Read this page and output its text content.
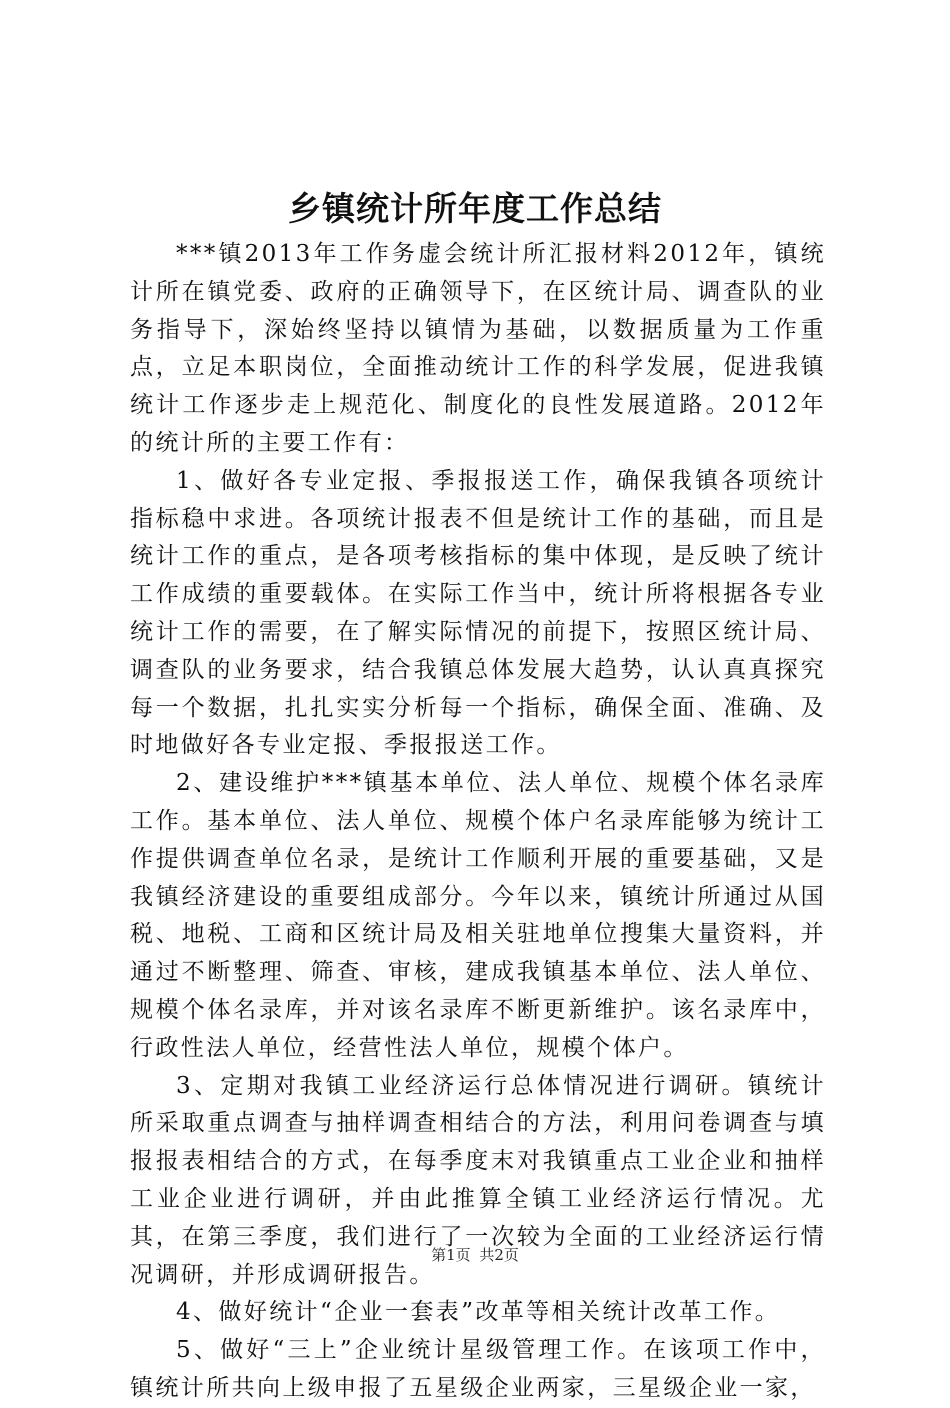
乡镇统计所年度工作总结

***镇2013年工作务虚会统计所汇报材料2012年，镇统计所在镇党委、政府的正确领导下，在区统计局、调查队的业务指导下，深始终坚持以镇情为基础，以数据质量为工作重点，立足本职岗位，全面推动统计工作的科学发展，促进我镇统计工作逐步走上规范化、制度化的良性发展道路。2012年的统计所的主要工作有：

1、做好各专业定报、季报报送工作，确保我镇各项统计指标稳中求进。各项统计报表不但是统计工作的基础，而且是统计工作的重点，是各项考核指标的集中体现，是反映了统计工作成绩的重要载体。在实际工作当中，统计所将根据各专业统计工作的需要，在了解实际情况的前提下，按照区统计局、调查队的业务要求，结合我镇总体发展大趋势，认认真真探究每一个数据，扎扎实实分析每一个指标，确保全面、准确、及时地做好各专业定报、季报报送工作。

2、建设维护***镇基本单位、法人单位、规模个体名录库工作。基本单位、法人单位、规模个体户名录库能够为统计工作提供调查单位名录，是统计工作顺利开展的重要基础，又是我镇经济建设的重要组成部分。今年以来，镇统计所通过从国税、地税、工商和区统计局及相关驻地单位搜集大量资料，并通过不断整理、筛查、审核，建成我镇基本单位、法人单位、规模个体名录库，并对该名录库不断更新维护。该名录库中，行政性法人单位，经营性法人单位，规模个体户。

3、定期对我镇工业经济运行总体情况进行调研。镇统计所采取重点调查与抽样调查相结合的方法，利用问卷调查与填报报表相结合的方式，在每季度末对我镇重点工业企业和抽样工业企业进行调研，并由此推算全镇工业经济运行情况。尤其，在第三季度，我们进行了一次较为全面的工业经济运行情况调研，并形成调研报告。

4、做好统计“企业一套表”改革等相关统计改革工作。

5、做好“三上”企业统计星级管理工作。在该项工作中，镇统计所共向上级申报了五星级企业两家，三星级企业一家，

第1页 共2页
